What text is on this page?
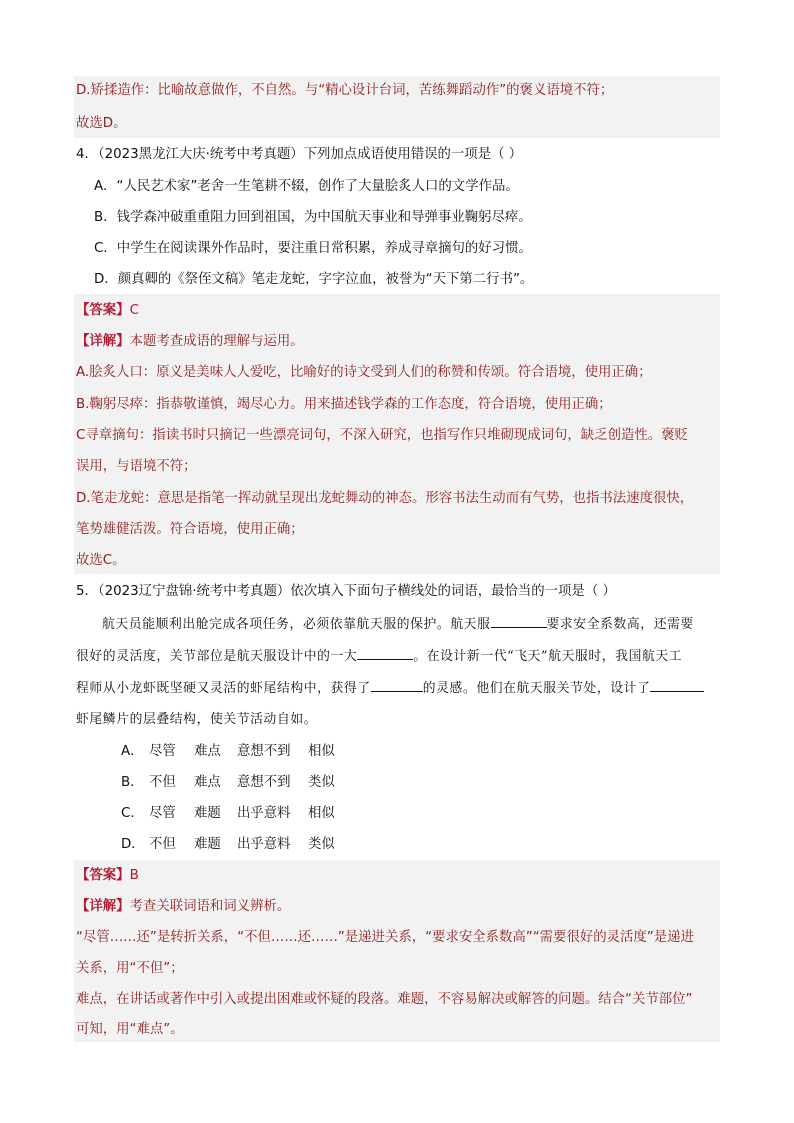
D.矫揉造作：比喻故意做作，不自然。与“精心设计台词，苦练舞蹈动作”的褒义语境不符；
故选D。
4．（2023黑龙江大庆·统考中考真题）下列加点成语使用错误的一项是（ ）
A．“人民艺术家”老舍一生笔耕不辍，创作了大量脍炙人口的文学作品。
B．钱学森冲破重重阻力回到祖国，为中国航天事业和导弹事业鞠躬尽瘁。
C．中学生在阅读课外作品时，要注重日常积累，养成寻章摘句的好习惯。
D．颜真卿的《祭侄文稿》笔走龙蛇，字字泣血，被誉为“天下第二行书”。
【答案】C
【详解】本题考查成语的理解与运用。
A.脍炙人口：原义是美味人人爱吃，比喻好的诗文受到人们的称赞和传颂。符合语境，使用正确；
B.鞠躬尽瘁：指恭敬谨慎，竭尽心力。用来描述钱学森的工作态度，符合语境，使用正确；
C寻章摘句：指读书时只摘记一些漂亮词句，不深入研究，也指写作只堆砌现成词句，缺乏创造性。褒贬
误用，与语境不符；
D.笔走龙蛇：意思是指笔一挥动就呈现出龙蛇舞动的神态。形容书法生动而有气势，也指书法速度很快，
笔势雄健活泼。符合语境，使用正确；
故选C。
5．（2023辽宁盘锦·统考中考真题）依次填入下面句子横线处的词语，最恰当的一项是（ ）
航天员能顺利出舱完成各项任务，必须依靠航天服的保护。航天服	要求安全系数高，还需要
很好的灵活度，关节部位是航天服设计中的一大	。在设计新一代“飞天”航天服时，我国航天工
程师从小龙虾既坚硬又灵活的虾尾结构中，获得了	的灵感。他们在航天服关节处，设计了
虾尾鳞片的层叠结构，使关节活动自如。
A． 尽管 难点 意想不到 相似
B． 不但 难点 意想不到 类似
C． 尽管 难题 出乎意料 相似
D． 不但 难题 出乎意料 类似
【答案】B
【详解】考查关联词语和词义辨析。
“尽管……还”是转折关系，“不但……还……”是递进关系，“要求安全系数高”“需要很好的灵活度”是递进
关系，用“不但”；
难点，在讲话或著作中引入或提出困难或怀疑的段落。难题，不容易解决或解答的问题。结合“关节部位”
可知，用“难点”。
